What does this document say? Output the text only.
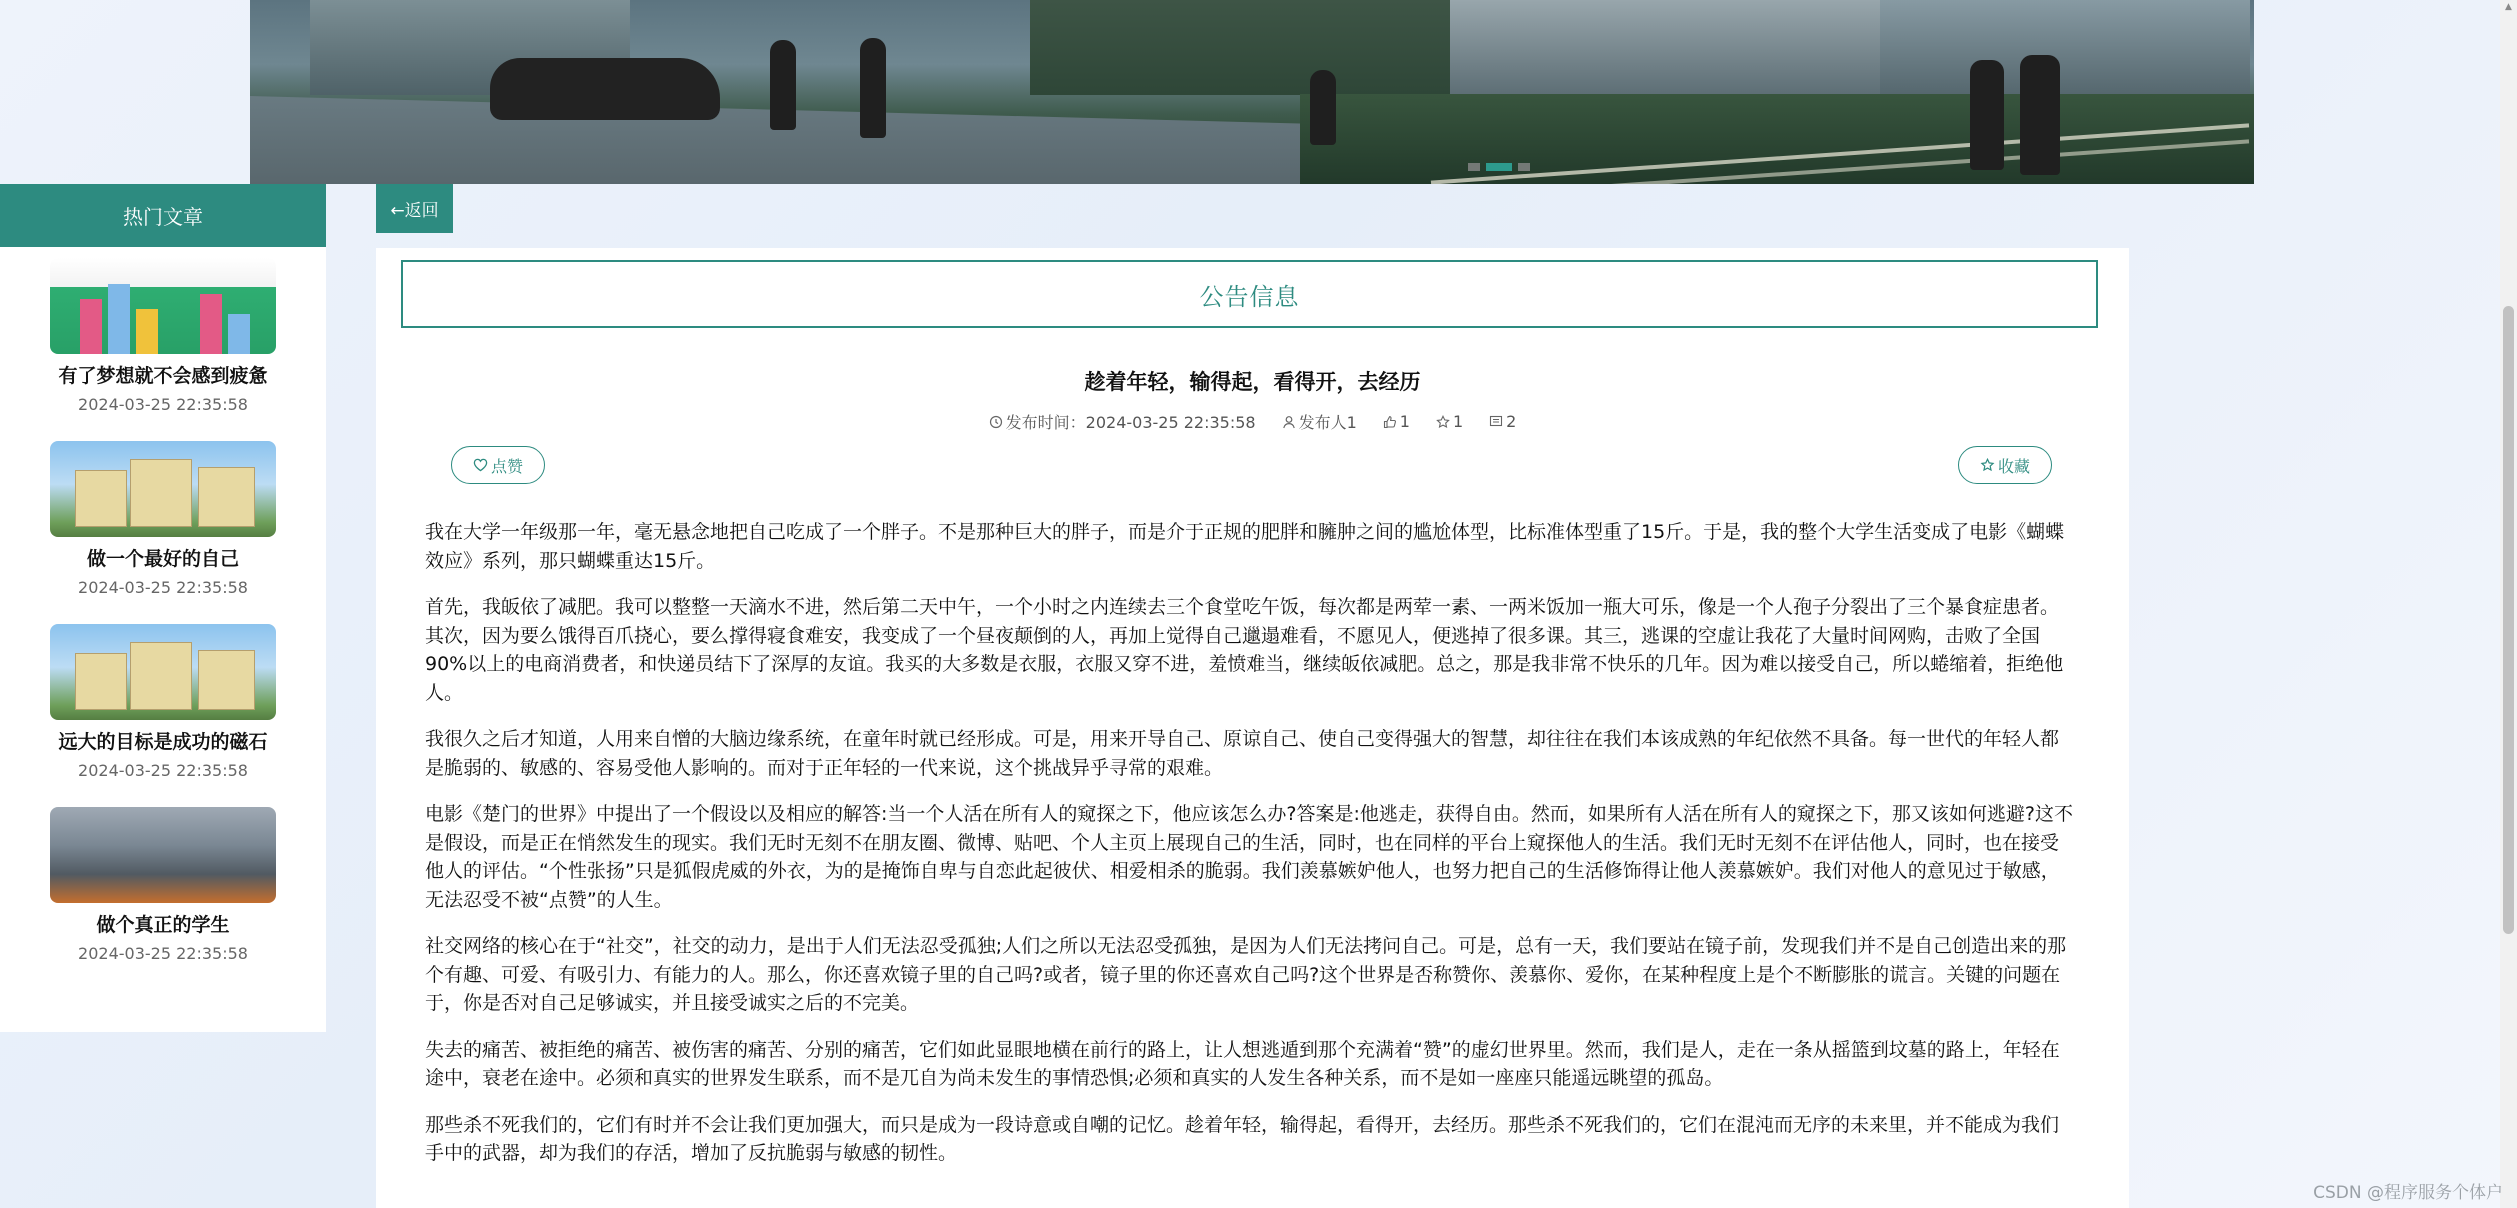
热门文章
有了梦想就不会感到疲惫
2024-03-25 22:35:58
做一个最好的自己
2024-03-25 22:35:58
远大的目标是成功的磁石
2024-03-25 22:35:58
做个真正的学生
2024-03-25 22:35:58
←返回
公告信息
趁着年轻，输得起，看得开，去经历
发布时间：2024-03-25 22:35:58	发布人1	1	1	2
点赞	收藏

我在大学一年级那一年，毫无悬念地把自己吃成了一个胖子。不是那种巨大的胖子，而是介于正规的肥胖和臃肿之间的尴尬体型，比标准体型重了15斤。于是，我的整个大学生活变成了电影《蝴蝶效应》系列，那只蝴蝶重达15斤。

首先，我皈依了减肥。我可以整整一天滴水不进，然后第二天中午，一个小时之内连续去三个食堂吃午饭，每次都是两荤一素、一两米饭加一瓶大可乐，像是一个人孢子分裂出了三个暴食症患者。其次，因为要么饿得百爪挠心，要么撑得寝食难安，我变成了一个昼夜颠倒的人，再加上觉得自己邋遢难看，不愿见人，便逃掉了很多课。其三，逃课的空虚让我花了大量时间网购，击败了全国90%以上的电商消费者，和快递员结下了深厚的友谊。我买的大多数是衣服，衣服又穿不进，羞愤难当，继续皈依减肥。总之，那是我非常不快乐的几年。因为难以接受自己，所以蜷缩着，拒绝他人。

我很久之后才知道，人用来自憎的大脑边缘系统，在童年时就已经形成。可是，用来开导自己、原谅自己、使自己变得强大的智慧，却往往在我们本该成熟的年纪依然不具备。每一世代的年轻人都是脆弱的、敏感的、容易受他人影响的。而对于正年轻的一代来说，这个挑战异乎寻常的艰难。

电影《楚门的世界》中提出了一个假设以及相应的解答:当一个人活在所有人的窥探之下，他应该怎么办?答案是:他逃走，获得自由。然而，如果所有人活在所有人的窥探之下，那又该如何逃避?这不是假设，而是正在悄然发生的现实。我们无时无刻不在朋友圈、微博、贴吧、个人主页上展现自己的生活，同时，也在同样的平台上窥探他人的生活。我们无时无刻不在评估他人，同时，也在接受他人的评估。“个性张扬”只是狐假虎威的外衣，为的是掩饰自卑与自恋此起彼伏、相爱相杀的脆弱。我们羡慕嫉妒他人，也努力把自己的生活修饰得让他人羡慕嫉妒。我们对他人的意见过于敏感，无法忍受不被“点赞”的人生。

社交网络的核心在于“社交”，社交的动力，是出于人们无法忍受孤独;人们之所以无法忍受孤独，是因为人们无法拷问自己。可是，总有一天，我们要站在镜子前，发现我们并不是自己创造出来的那个有趣、可爱、有吸引力、有能力的人。那么，你还喜欢镜子里的自己吗?或者，镜子里的你还喜欢自己吗?这个世界是否称赞你、羡慕你、爱你，在某种程度上是个不断膨胀的谎言。关键的问题在于，你是否对自己足够诚实，并且接受诚实之后的不完美。

失去的痛苦、被拒绝的痛苦、被伤害的痛苦、分别的痛苦，它们如此显眼地横在前行的路上，让人想逃遁到那个充满着“赞”的虚幻世界里。然而，我们是人，走在一条从摇篮到坟墓的路上，年轻在途中，衰老在途中。必须和真实的世界发生联系，而不是兀自为尚未发生的事情恐惧;必须和真实的人发生各种关系，而不是如一座座只能遥远眺望的孤岛。

那些杀不死我们的，它们有时并不会让我们更加强大，而只是成为一段诗意或自嘲的记忆。趁着年轻，输得起，看得开，去经历。那些杀不死我们的，它们在混沌而无序的未来里，并不能成为我们手中的武器，却为我们的存活，增加了反抗脆弱与敏感的韧性。

▲
CSDN @程序服务个体户
